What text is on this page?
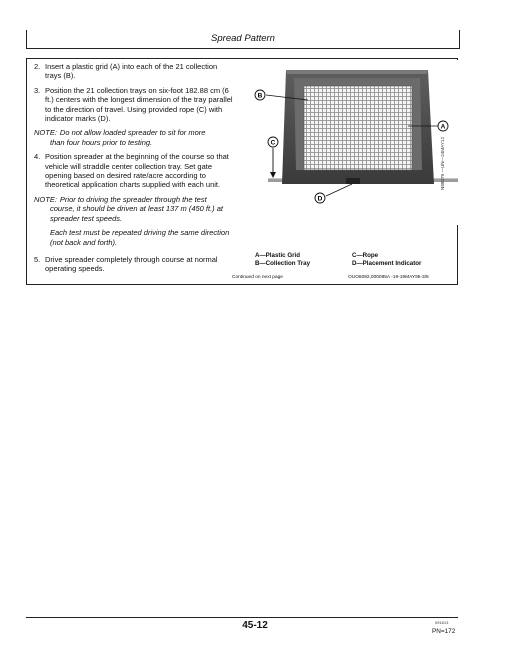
Spread Pattern
2. Insert a plastic grid (A) into each of the 21 collection trays (B).
3. Position the 21 collection trays on six-foot 182.88 cm (6 ft.) centers with the longest dimension of the tray parallel to the direction of travel. Using provided rope (C) with indicator marks (D).
NOTE: Do not allow loaded spreader to sit for more
than four hours prior to testing.
4. Position spreader at the beginning of the course so that vehicle will straddle center collection tray. Set gate opening based on desired rate/acre according to theoretical application charts supplied with each unit.
NOTE: Prior to driving the spreader through the test
course, it should be driven at least 137 m (450 ft.) at spreader test speeds.
Each test must be repeated driving the same direction (not back and forth).
5. Drive spreader completely through course at normal operating speeds.
B
A
C
D
N88079 —UN—24MAY12
A—Plastic Grid
B—Collection Tray
C—Rope
D—Placement Indicator
Continued on next page	OUO6092,000085A -19-19MAY95-3/8
45-12	091613
PN=172
